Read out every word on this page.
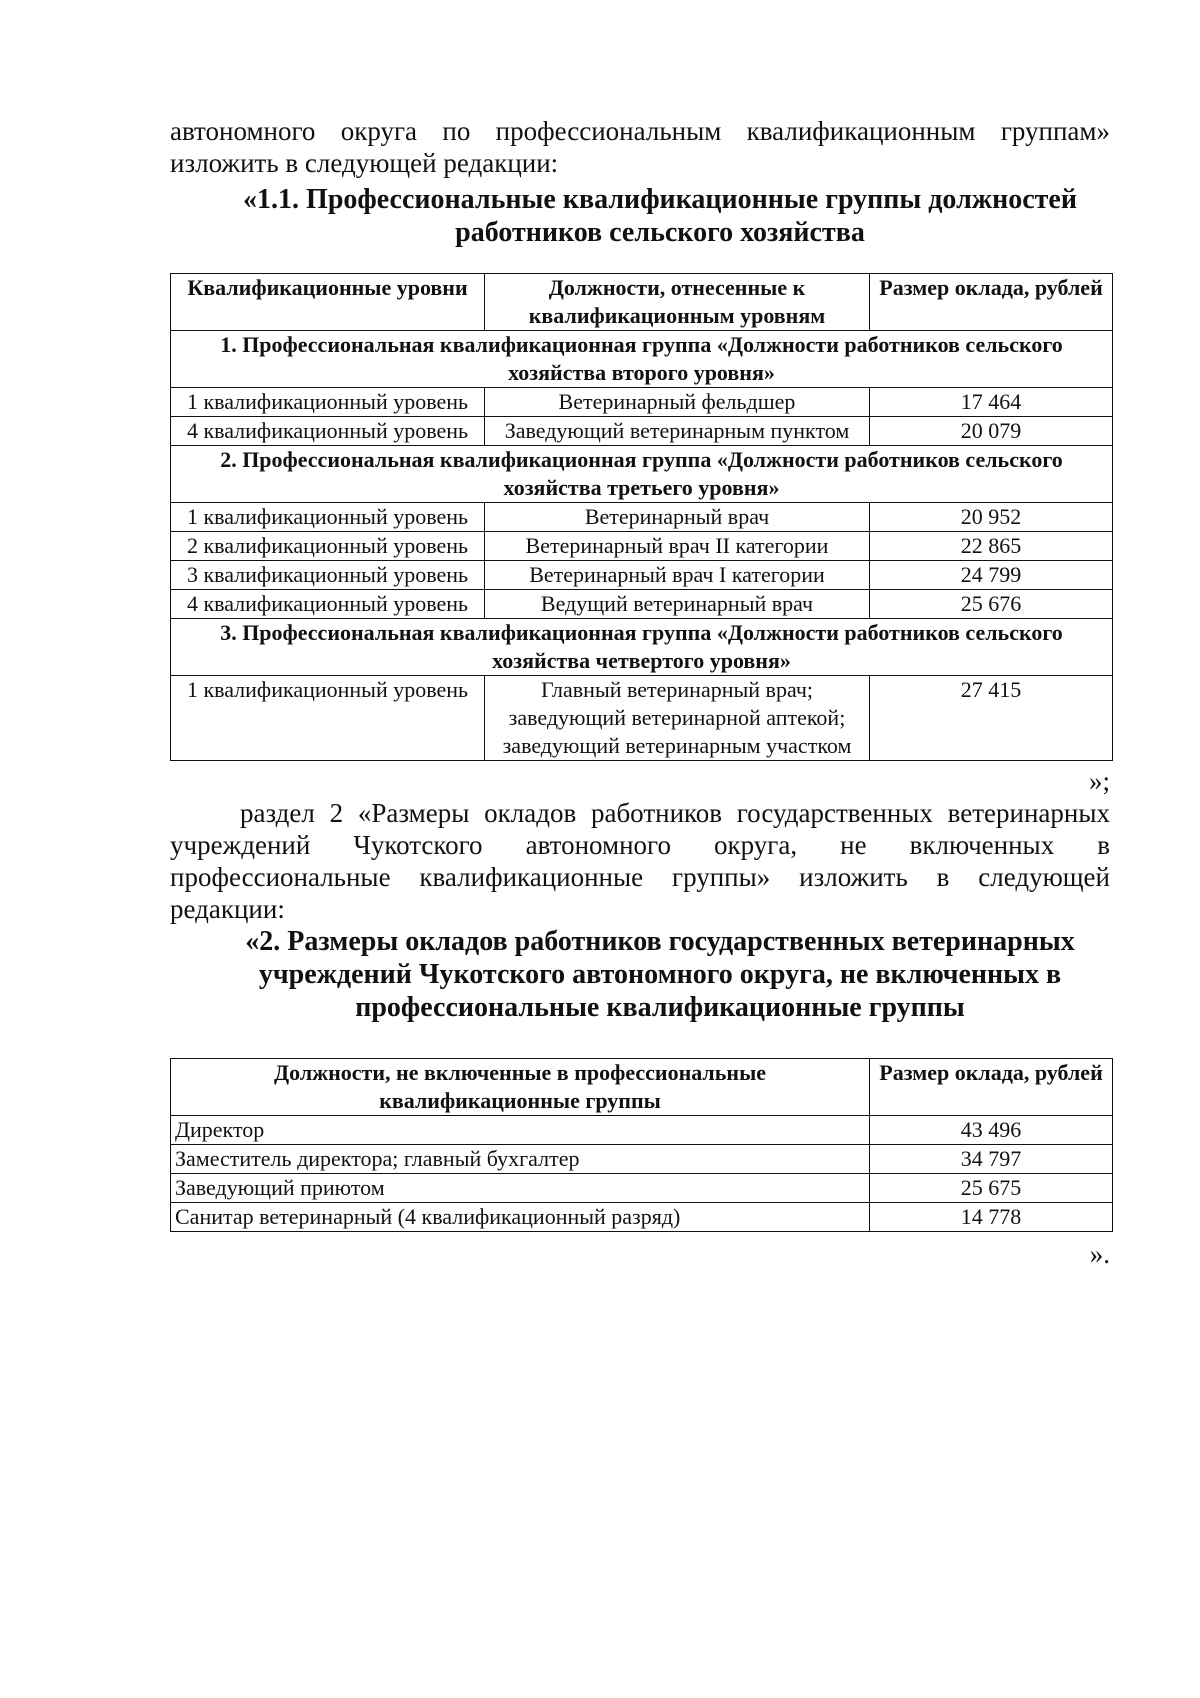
автономного округа по профессиональным квалификационным группам» изложить в следующей редакции:

«1.1. Профессиональные квалификационные группы должностей работников сельского хозяйства

Квалификационные уровни	Должности, отнесенные к квалификационным уровням	Размер оклада, рублей
1. Профессиональная квалификационная группа «Должности работников сельского хозяйства второго уровня»		
1 квалификационный уровень	Ветеринарный фельдшер	17 464
4 квалификационный уровень	Заведующий ветеринарным пунктом	20 079
2. Профессиональная квалификационная группа «Должности работников сельского хозяйства третьего уровня»		
1 квалификационный уровень	Ветеринарный врач	20 952
2 квалификационный уровень	Ветеринарный врач II категории	22 865
3 квалификационный уровень	Ветеринарный врач I категории	24 799
4 квалификационный уровень	Ведущий ветеринарный врач	25 676
3. Профессиональная квалификационная группа «Должности работников сельского хозяйства четвертого уровня»		
1 квалификационный уровень	Главный ветеринарный врач; заведующий ветеринарной аптекой; заведующий ветеринарным участком	27 415

»;

раздел 2 «Размеры окладов работников государственных ветеринарных учреждений Чукотского автономного округа, не включенных в профессиональные квалификационные группы» изложить в следующей редакции:

«2. Размеры окладов работников государственных ветеринарных учреждений Чукотского автономного округа, не включенных в профессиональные квалификационные группы

Должности, не включенные в профессиональные квалификационные группы	Размер оклада, рублей
Директор	43 496
Заместитель директора; главный бухгалтер	34 797
Заведующий приютом	25 675
Санитар ветеринарный (4 квалификационный разряд)	14 778

».
